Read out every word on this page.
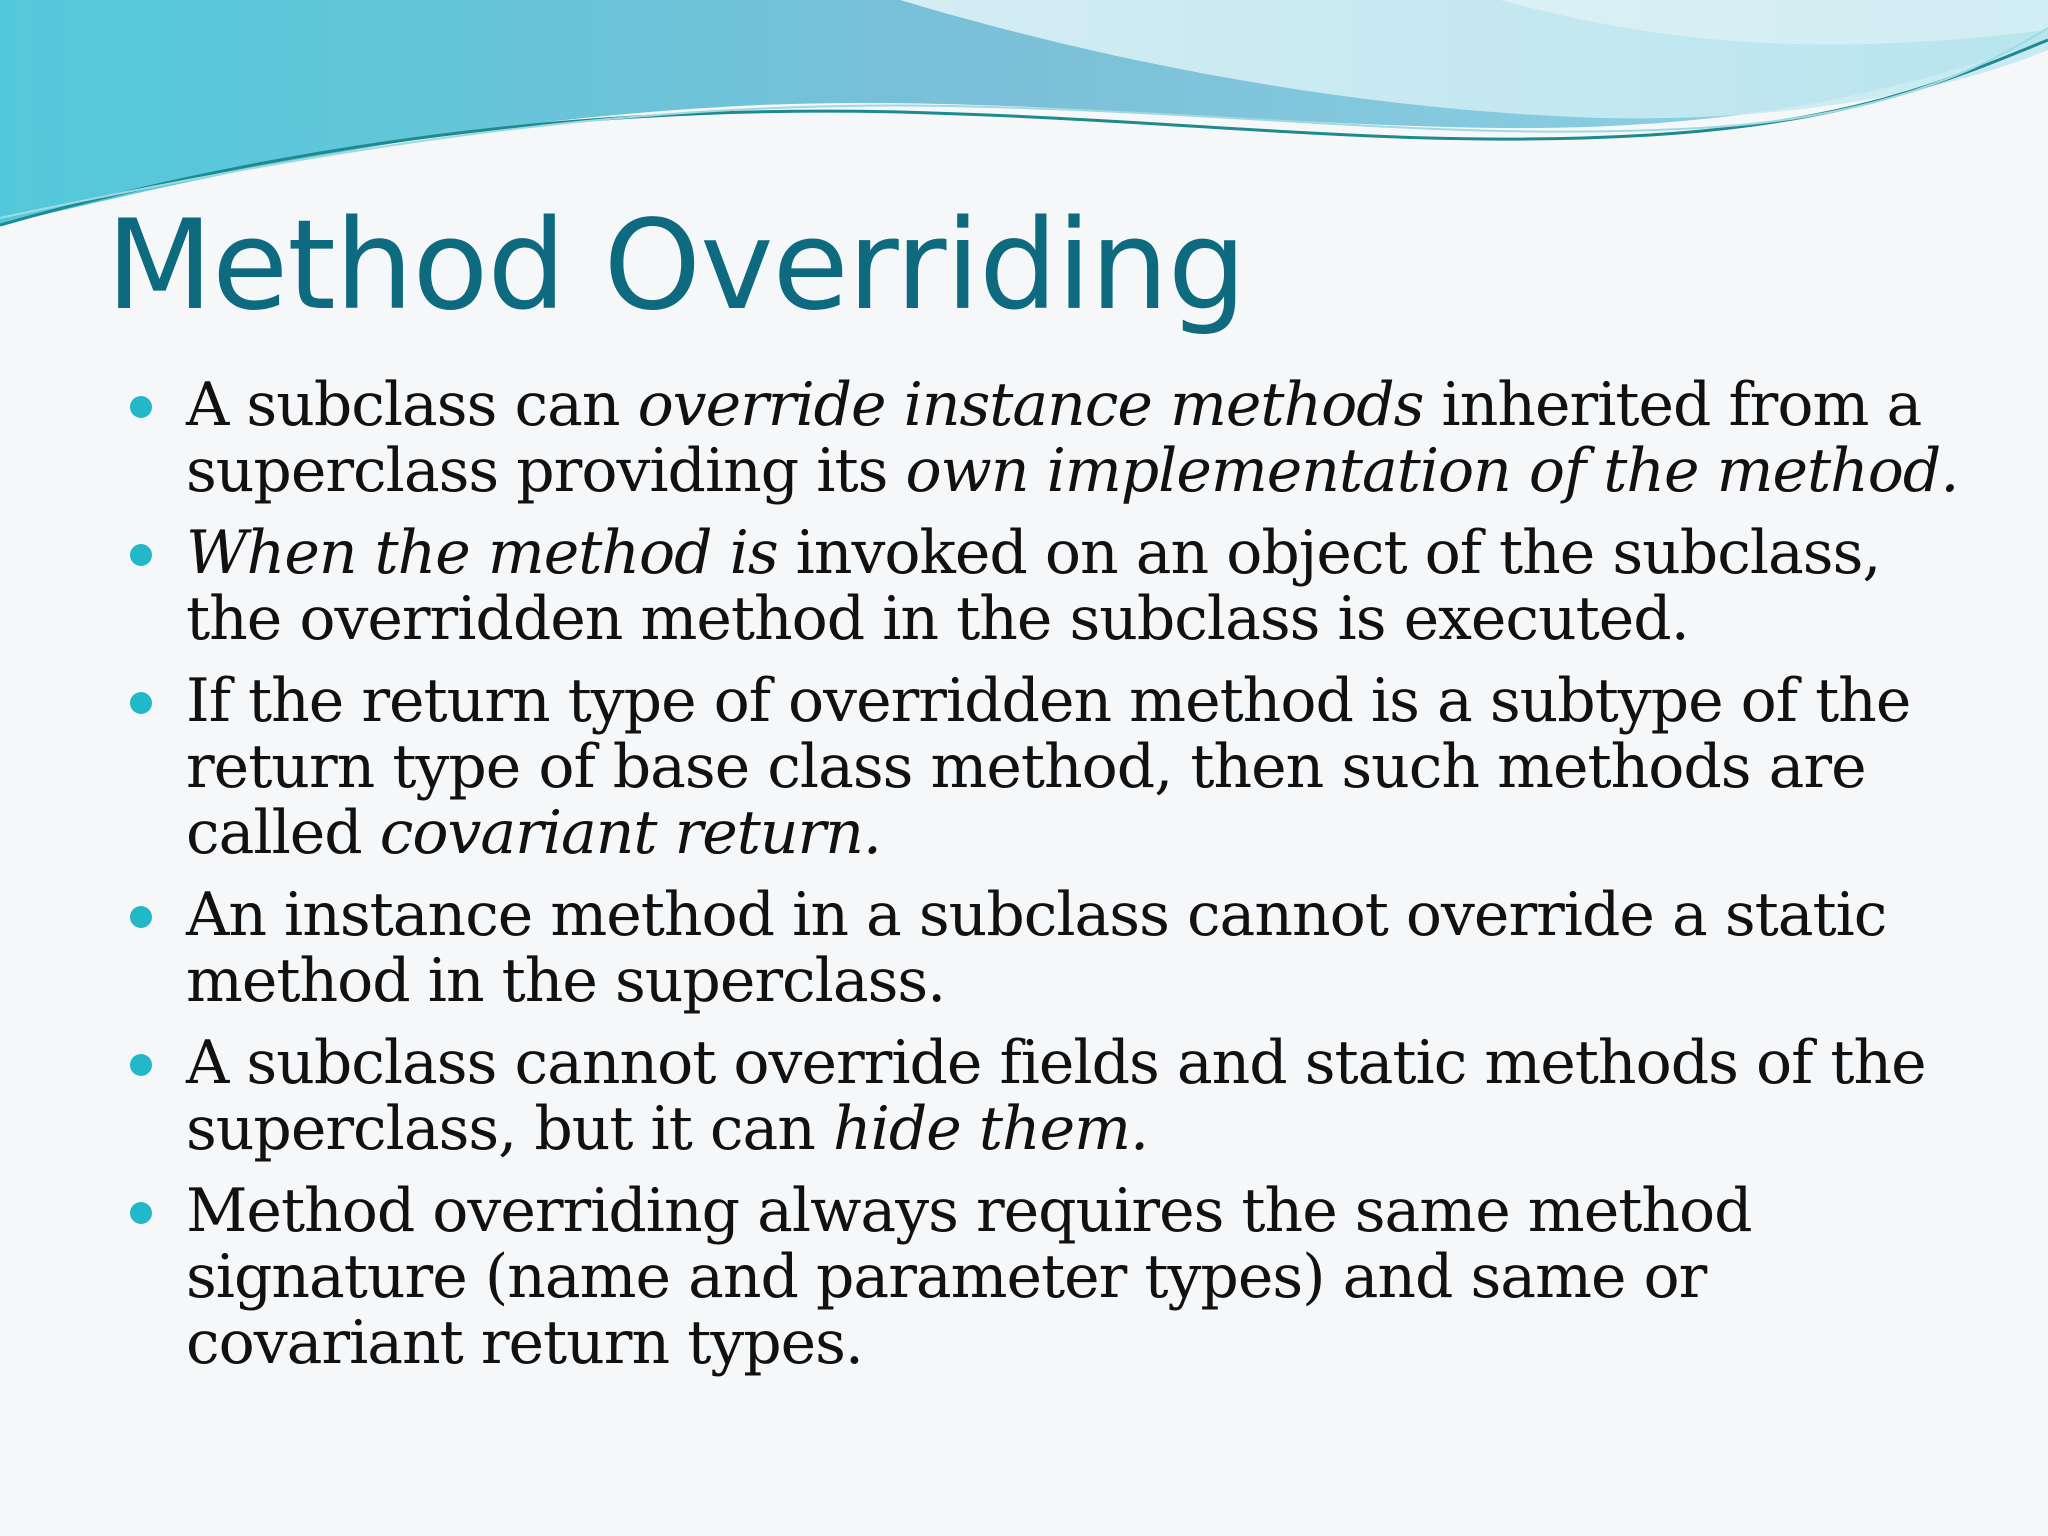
Method Overriding
A subclass can override instance methods inherited from a
superclass providing its own implementation of the method.
When the method is invoked on an object of the subclass,
the overridden method in the subclass is executed.
If the return type of overridden method is a subtype of the
return type of base class method, then such methods are
called covariant return.
An instance method in a subclass cannot override a static
method in the superclass.
A subclass cannot override fields and static methods of the
superclass, but it can hide them.
Method overriding always requires the same method
signature (name and parameter types) and same or
covariant return types.
